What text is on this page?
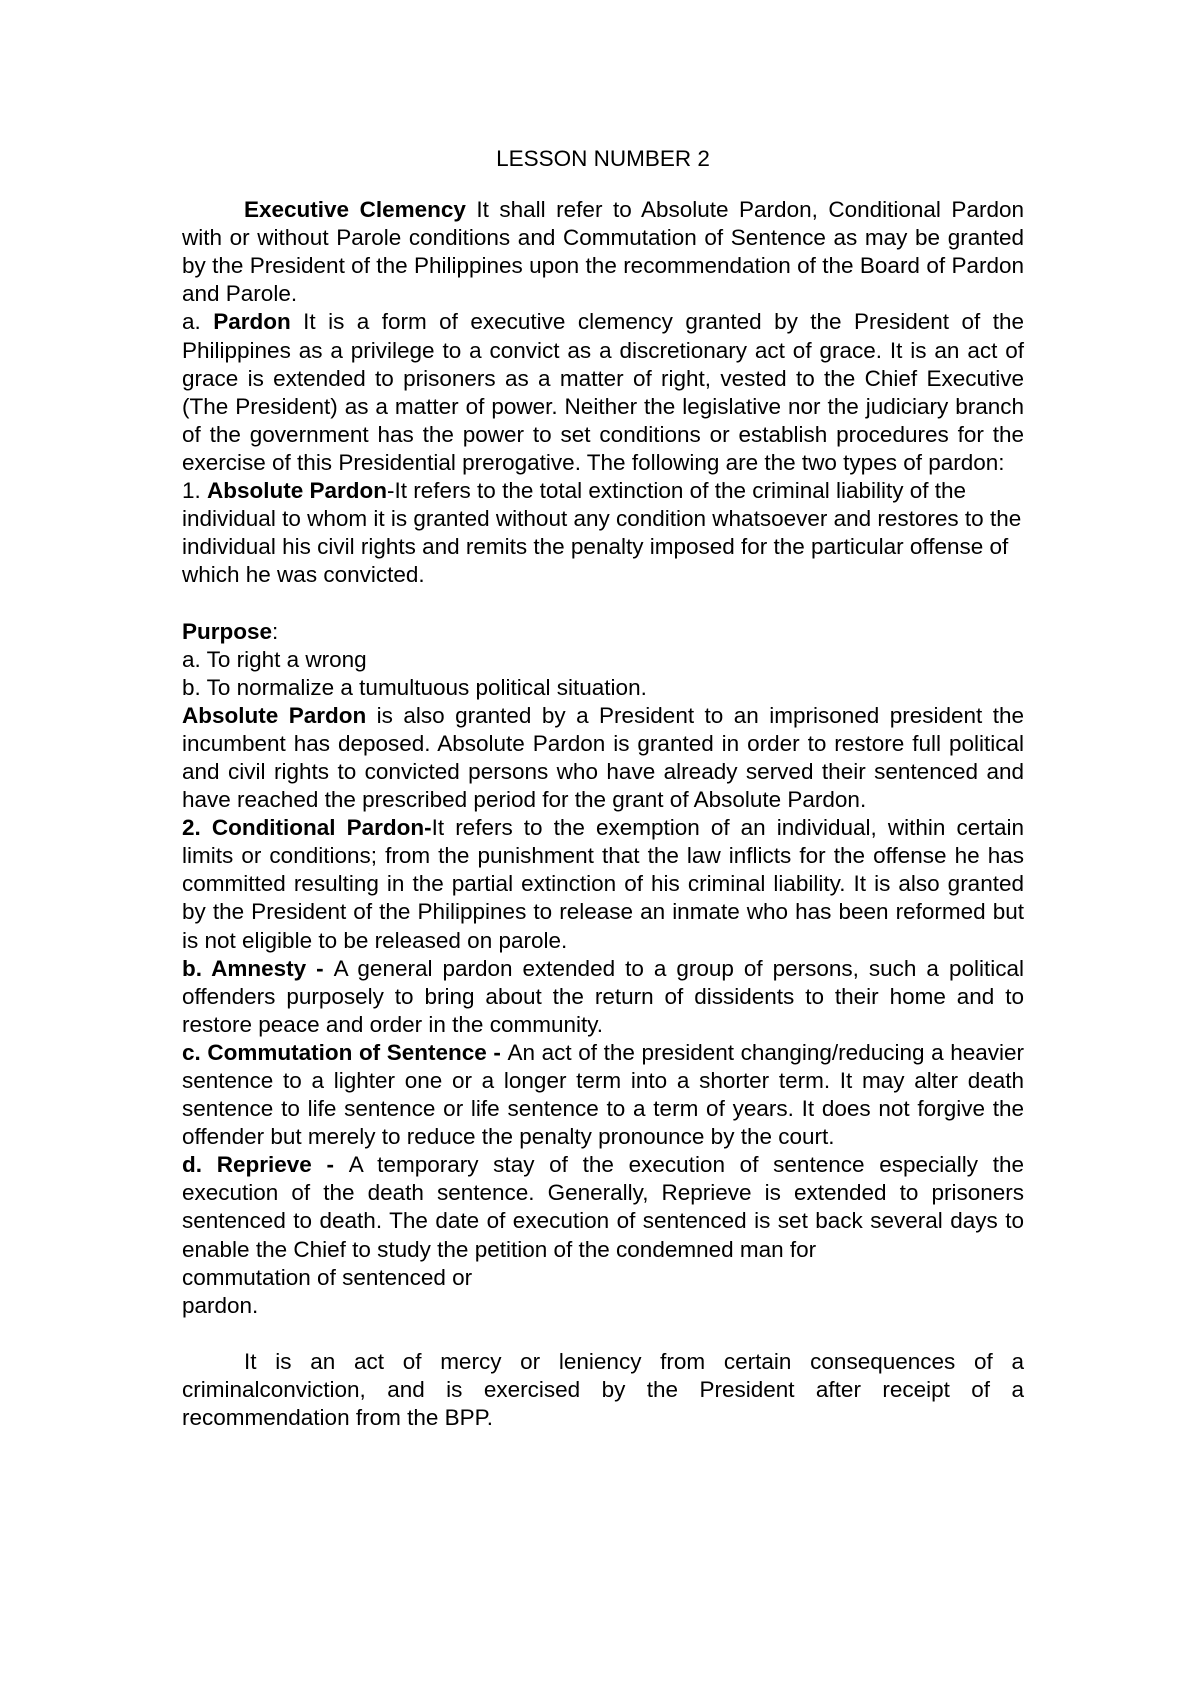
LESSON NUMBER 2

Executive Clemency It shall refer to Absolute Pardon, Conditional Pardon with or without Parole conditions and Commutation of Sentence as may be granted by the President of the Philippines upon the recommendation of the Board of Pardon and Parole.

a. Pardon It is a form of executive clemency granted by the President of the Philippines as a privilege to a convict as a discretionary act of grace. It is an act of grace is extended to prisoners as a matter of right, vested to the Chief Executive (The President) as a matter of power. Neither the legislative nor the judiciary branch of the government has the power to set conditions or establish procedures for the exercise of this Presidential prerogative. The following are the two types of pardon:

1. Absolute Pardon-It refers to the total extinction of the criminal liability of the individual to whom it is granted without any condition whatsoever and restores to the individual his civil rights and remits the penalty imposed for the particular offense of which he was convicted.

Purpose:

a. To right a wrong

b. To normalize a tumultuous political situation.

Absolute Pardon is also granted by a President to an imprisoned president the incumbent has deposed. Absolute Pardon is granted in order to restore full political and civil rights to convicted persons who have already served their sentenced and have reached the prescribed period for the grant of Absolute Pardon.

2. Conditional Pardon-It refers to the exemption of an individual, within certain limits or conditions; from the punishment that the law inflicts for the offense he has committed resulting in the partial extinction of his criminal liability. It is also granted by the President of the Philippines to release an inmate who has been reformed but is not eligible to be released on parole.

b. Amnesty - A general pardon extended to a group of persons, such a political offenders purposely to bring about the return of dissidents to their home and to restore peace and order in the community.

c. Commutation of Sentence - An act of the president changing/reducing a heavier sentence to a lighter one or a longer term into a shorter term. It may alter death sentence to life sentence or life sentence to a term of years. It does not forgive the offender but merely to reduce the penalty pronounce by the court.

d. Reprieve - A temporary stay of the execution of sentence especially the execution of the death sentence. Generally, Reprieve is extended to prisoners sentenced to death. The date of execution of sentenced is set back several days to enable the Chief to study the petition of the condemned man for

commutation of sentenced or

pardon.

It is an act of mercy or leniency from certain consequences of a criminalconviction, and is exercised by the President after receipt of a recommendation from the BPP.
